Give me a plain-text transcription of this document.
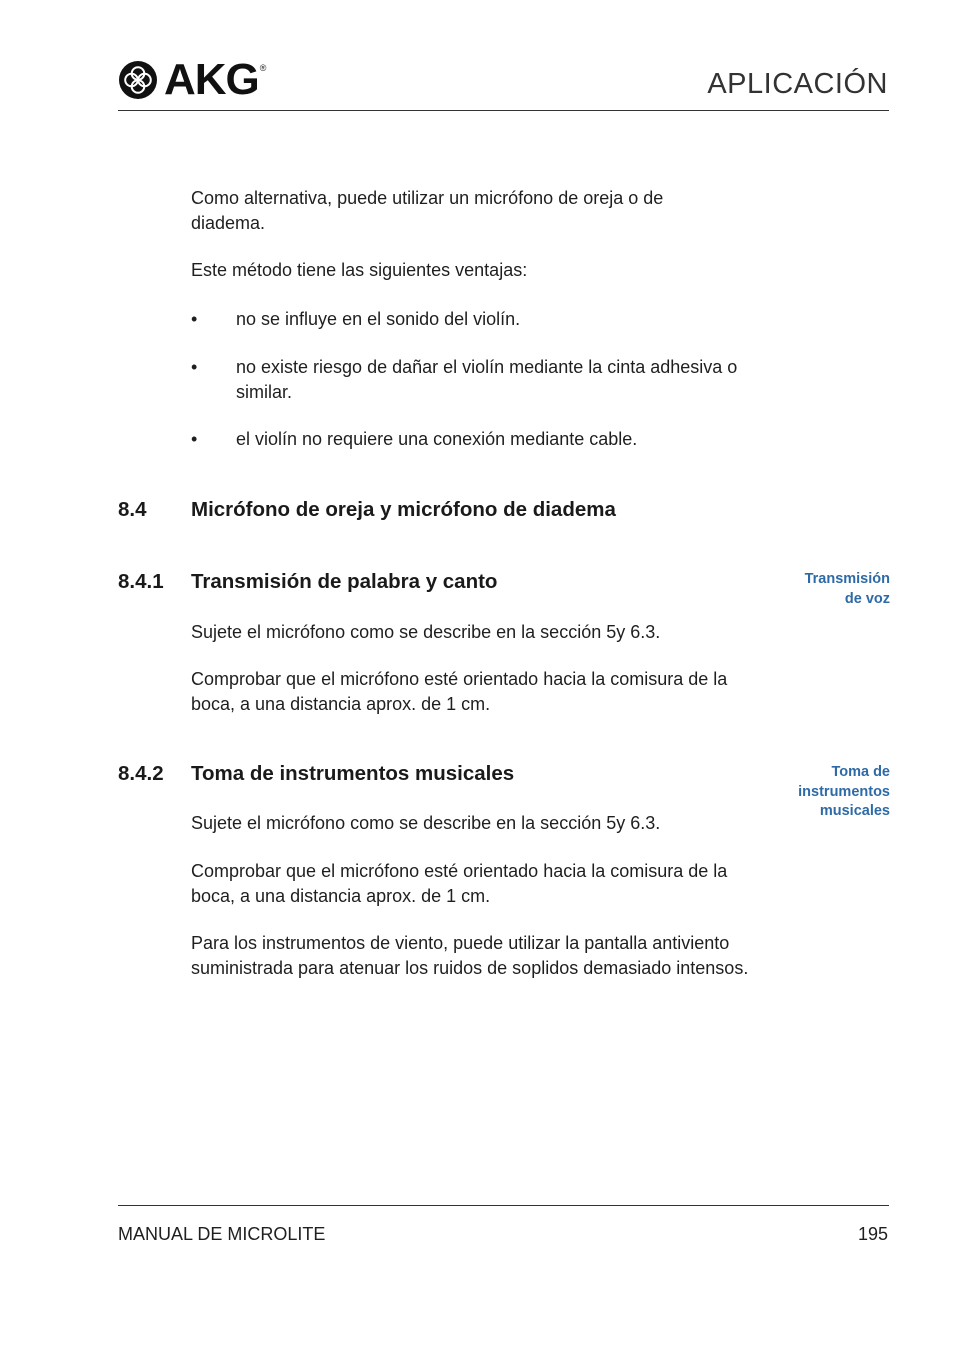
AKG ®	APLICACIÓN

Como alternativa, puede utilizar un micrófono de oreja o de diadema.

Este método tiene las siguientes ventajas:

•	no se influye en el sonido del violín.
•	no existe riesgo de dañar el violín mediante la cinta adhesiva o similar.
•	el violín no requiere una conexión mediante cable.
8.4 Micrófono de oreja y micrófono de diadema
8.4.1 Transmisión de palabra y canto	Transmisión
de voz

Sujete el micrófono como se describe en la sección 5y 6.3.

Comprobar que el micrófono esté orientado hacia la comisura de la boca, a una distancia aprox. de 1 cm.

8.4.2 Toma de instrumentos musicales	Toma de
instrumentos
musicales

Sujete el micrófono como se describe en la sección 5y 6.3.

Comprobar que el micrófono esté orientado hacia la comisura de la boca, a una distancia aprox. de 1 cm.

Para los instrumentos de viento, puede utilizar la pantalla antiviento suministrada para atenuar los ruidos de soplidos demasiado intensos.

MANUAL DE MICROLITE	195
